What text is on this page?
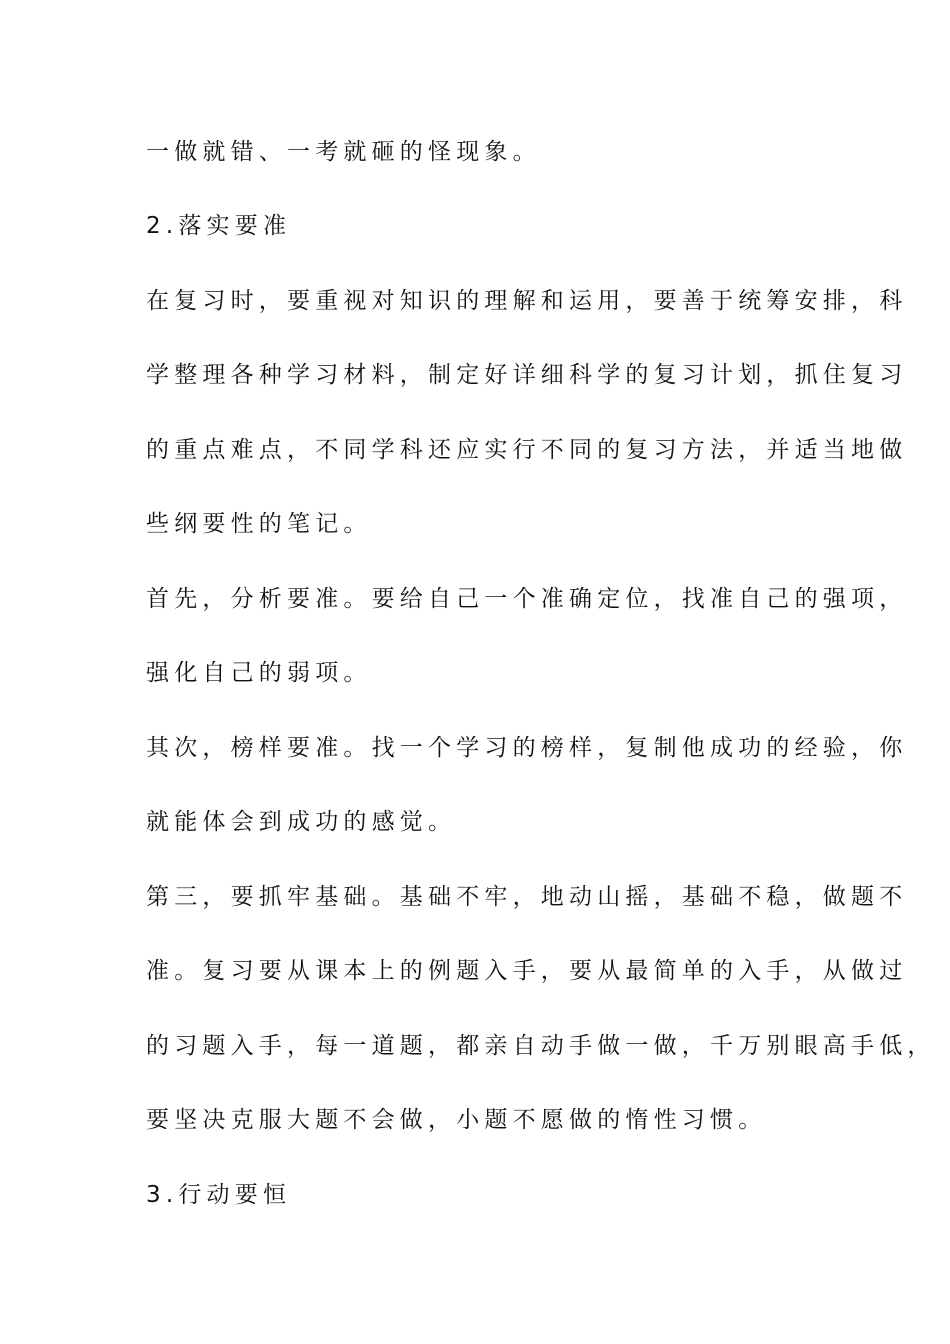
一做就错、一考就砸的怪现象。
2.落实要准
在复习时，要重视对知识的理解和运用，要善于统筹安排，科
学整理各种学习材料，制定好详细科学的复习计划，抓住复习
的重点难点，不同学科还应实行不同的复习方法，并适当地做
些纲要性的笔记。
首先，分析要准。要给自己一个准确定位，找准自己的强项，
强化自己的弱项。
其次，榜样要准。找一个学习的榜样，复制他成功的经验，你
就能体会到成功的感觉。
第三，要抓牢基础。基础不牢，地动山摇，基础不稳，做题不
准。复习要从课本上的例题入手，要从最简单的入手，从做过
的习题入手，每一道题，都亲自动手做一做，千万别眼高手低，
要坚决克服大题不会做，小题不愿做的惰性习惯。
3.行动要恒
